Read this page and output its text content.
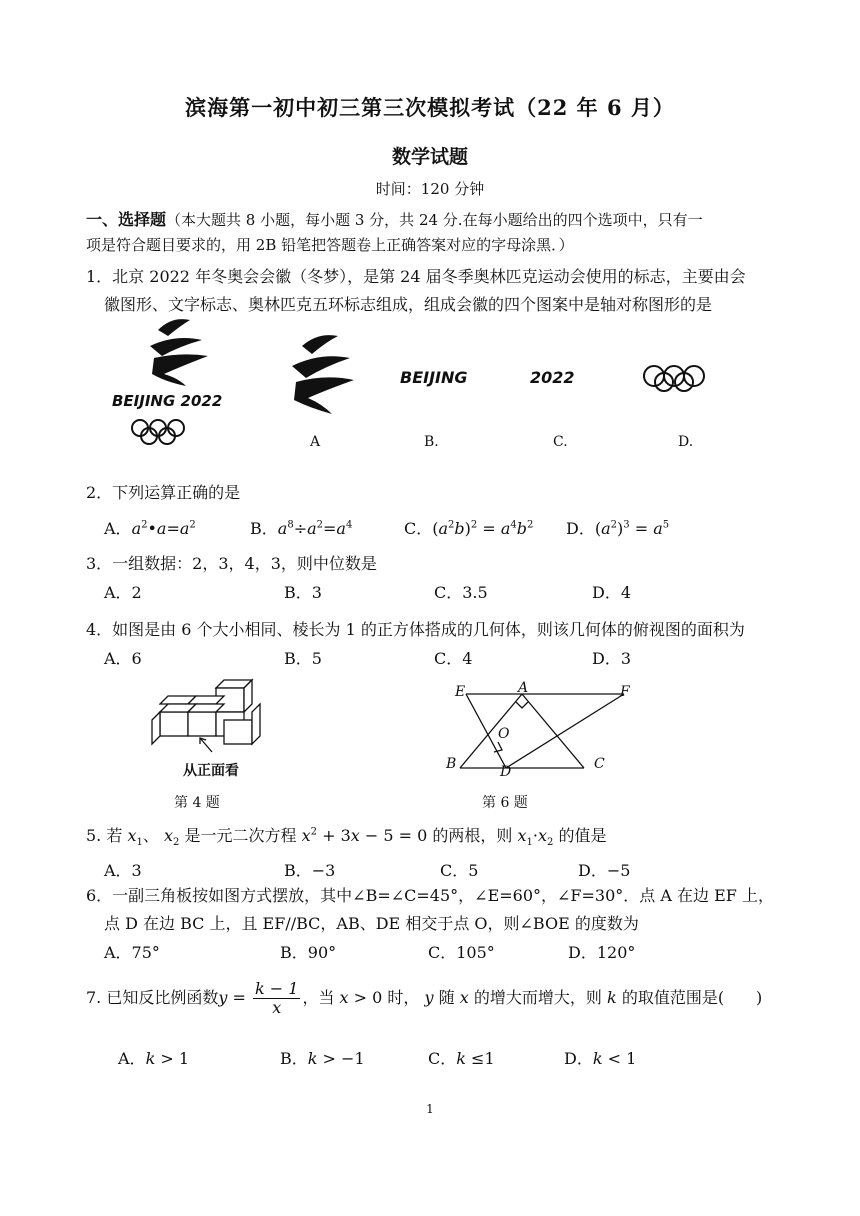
滨海第一初中初三第三次模拟考试（22 年 6 月）
数学试题
时间：120 分钟
一、选择题（本大题共 8 小题，每小题 3 分，共 24 分.在每小题给出的四个选项中，只有一
项是符合题目要求的，用 2B 铅笔把答题卷上正确答案对应的字母涂黑．）
1．北京 2022 年冬奥会会徽（冬梦），是第 24 届冬季奥林匹克运动会使用的标志，主要由会
徽图形、文字标志、奥林匹克五环标志组成，组成会徽的四个图案中是轴对称图形的是
BEIJING 2022
BEIJING	2022
A	B.	C.	D.
2．下列运算正确的是
A．$a^2•a=a^2$	B．$a^8\div a^2=a^4$	C．$(a^2b)^2 = a^4b^2$ D．$(a^2)^3 = a^5$
3．一组数据：2，3，4，3，则中位数是
A．2	B．3	C．3.5	D．4
4．如图是由 6 个大小相同、棱长为 1 的正方体搭成的几何体，则该几何体的俯视图的面积为
A．6	B．5	C．4	D．3
从正面看
第 4 题
E	A	F
O
B	D	C
第 6 题
5. 若 $x_1$、 $x_2$ 是一元二次方程 $x^2 + 3x - 5 = 0$ 的两根，则 $x_1\cdot x_2$ 的值是
A．3	B．−3	C．5	D．−5
6．一副三角板按如图方式摆放，其中∠B=∠C=45°，∠E=60°，∠F=30°．点 A 在边 EF 上，
点 D 在边 BC 上，且 EF//BC，AB、DE 相交于点 O，则∠BOE 的度数为
A．75°	B．90°	C．105°	D．120°
7. 已知反比例函数$y = \frac{k - 1}{x}$ ，当 x > 0 时， y 随 x 的增大而增大，则 k 的取值范围是(　　)
A．k > 1	B．k > −1	C．k ≤1	D．k < 1
1
